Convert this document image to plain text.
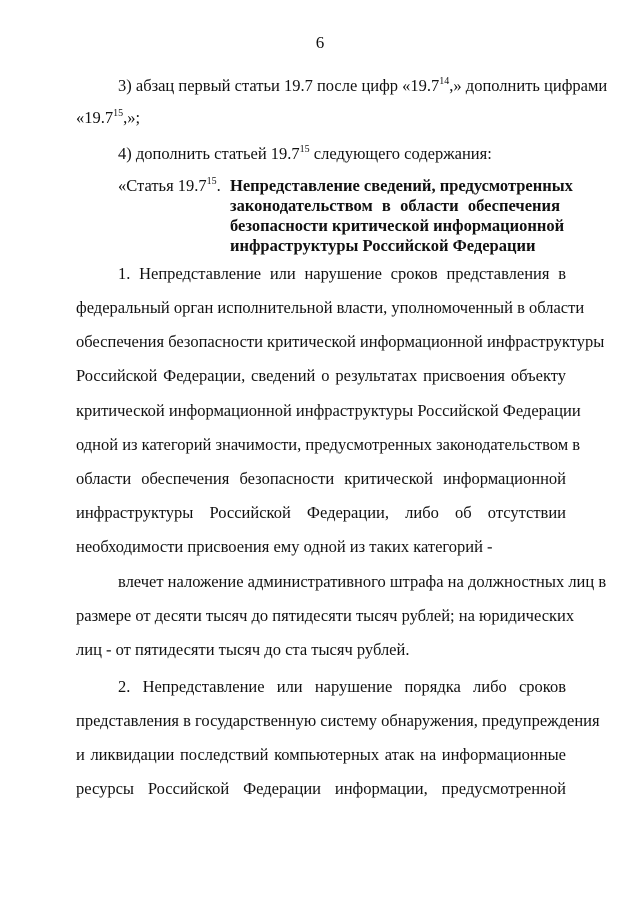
6
3) абзац первый статьи 19.7 после цифр «19.7$^{14}$,» дополнить цифрами
«19.7$^{15}$,»;
4) дополнить статьей 19.7$^{15}$ следующего содержания:
«Статья 19.7$^{15}$. Непредставление сведений, предусмотренных
законодательством в области обеспечения
безопасности критической информационной
инфраструктуры Российской Федерации
1. Непредставление или нарушение сроков представления в
федеральный орган исполнительной власти, уполномоченный в области
обеспечения безопасности критической информационной инфраструктуры
Российской Федерации, сведений о результатах присвоения объекту
критической информационной инфраструктуры Российской Федерации
одной из категорий значимости, предусмотренных законодательством в
области обеспечения безопасности критической информационной
инфраструктуры Российской Федерации, либо об отсутствии
необходимости присвоения ему одной из таких категорий -
влечет наложение административного штрафа на должностных лиц в
размере от десяти тысяч до пятидесяти тысяч рублей; на юридических
лиц - от пятидесяти тысяч до ста тысяч рублей.
2. Непредставление или нарушение порядка либо сроков
представления в государственную систему обнаружения, предупреждения
и ликвидации последствий компьютерных атак на информационные
ресурсы Российской Федерации информации, предусмотренной
